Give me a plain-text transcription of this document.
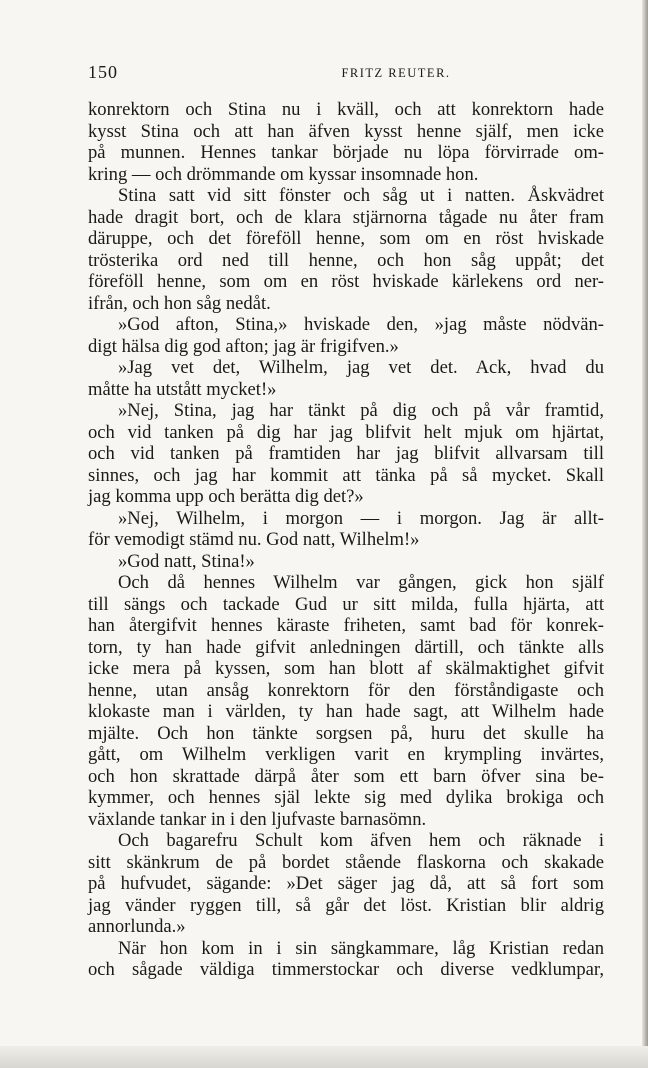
150	FRITZ REUTER.
konrektorn och Stina nu i kväll, och att konrektorn hade
kysst Stina och att han äfven kysst henne själf, men icke
på munnen. Hennes tankar började nu löpa förvirrade om-
kring — och drömmande om kyssar insomnade hon.
Stina satt vid sitt fönster och såg ut i natten. Åskvädret
hade dragit bort, och de klara stjärnorna tågade nu åter fram
däruppe, och det föreföll henne, som om en röst hviskade
trösterika ord ned till henne, och hon såg uppåt; det
föreföll henne, som om en röst hviskade kärlekens ord ner-
ifrån, och hon såg nedåt.
»God afton, Stina,» hviskade den, »jag måste nödvän-
digt hälsa dig god afton; jag är frigifven.»
»Jag vet det, Wilhelm, jag vet det. Ack, hvad du
måtte ha utstått mycket!»
»Nej, Stina, jag har tänkt på dig och på vår framtid,
och vid tanken på dig har jag blifvit helt mjuk om hjärtat,
och vid tanken på framtiden har jag blifvit allvarsam till
sinnes, och jag har kommit att tänka på så mycket. Skall
jag komma upp och berätta dig det?»
»Nej, Wilhelm, i morgon — i morgon. Jag är allt-
för vemodigt stämd nu. God natt, Wilhelm!»
»God natt, Stina!»
Och då hennes Wilhelm var gången, gick hon själf
till sängs och tackade Gud ur sitt milda, fulla hjärta, att
han återgifvit hennes käraste friheten, samt bad för konrek-
torn, ty han hade gifvit anledningen därtill, och tänkte alls
icke mera på kyssen, som han blott af skälmaktighet gifvit
henne, utan ansåg konrektorn för den förståndigaste och
klokaste man i världen, ty han hade sagt, att Wilhelm hade
mjälte. Och hon tänkte sorgsen på, huru det skulle ha
gått, om Wilhelm verkligen varit en krympling invärtes,
och hon skrattade därpå åter som ett barn öfver sina be-
kymmer, och hennes själ lekte sig med dylika brokiga och
växlande tankar in i den ljufvaste barnasömn.
Och bagarefru Schult kom äfven hem och räknade i
sitt skänkrum de på bordet stående flaskorna och skakade
på hufvudet, sägande: »Det säger jag då, att så fort som
jag vänder ryggen till, så går det löst. Kristian blir aldrig
annorlunda.»
När hon kom in i sin sängkammare, låg Kristian redan
och sågade väldiga timmerstockar och diverse vedklumpar,
